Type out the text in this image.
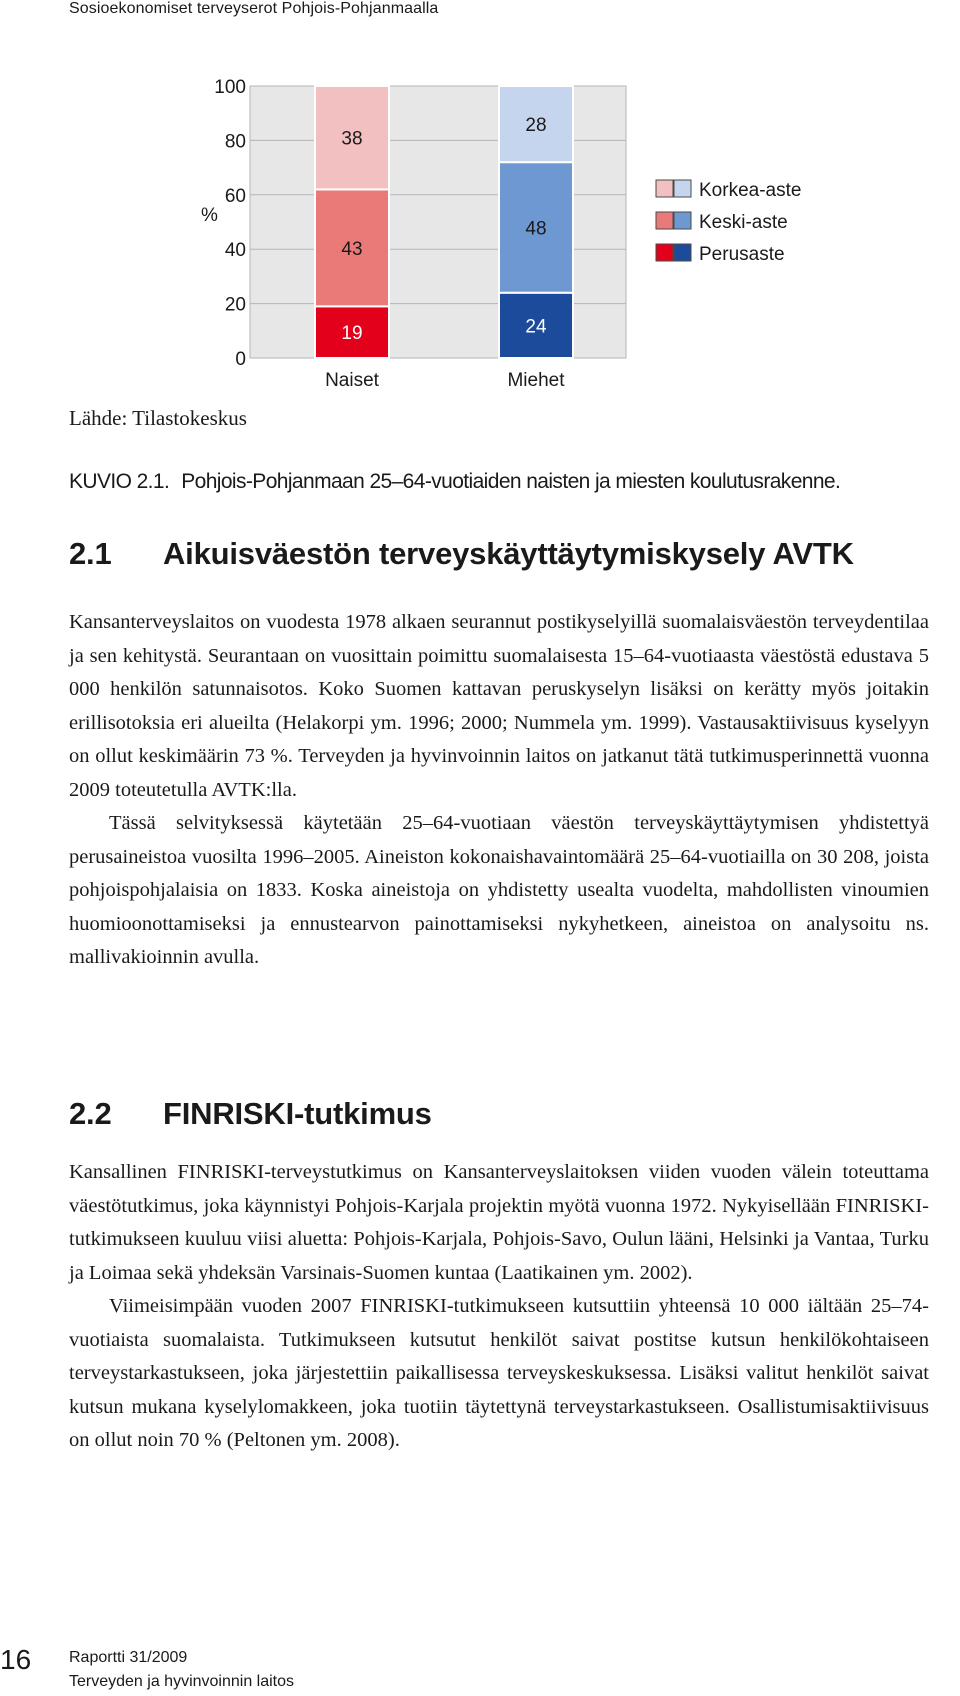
Sosioekonomiset terveyserot Pohjois-Pohjanmaalla
0
20
40
60
80
100
%
19
43
38
24
48
28
Naiset	Miehet
Korkea-aste
Keski-aste
Perusaste
Lähde: Tilastokeskus
KUVIO 2.1. Pohjois-Pohjanmaan 25–64-vuotiaiden naisten ja miesten koulutusrakenne.
2.1 Aikuisväestön terveyskäyttäytymiskysely AVTK

Kansanterveyslaitos on vuodesta 1978 alkaen seurannut postikyselyillä suomalaisväestön terveydentilaa ja sen kehitystä. Seurantaan on vuosittain poimittu suomalaisesta 15–64-vuotiaasta väestöstä edustava 5 000 henkilön satunnaisotos. Koko Suomen kattavan peruskyselyn lisäksi on kerätty myös joitakin erillisotoksia eri alueilta (Helakorpi ym. 1996; 2000; Nummela ym. 1999). Vastausaktiivisuus kyselyyn on ollut keskimäärin 73 %. Terveyden ja hyvinvoinnin laitos on jatkanut tätä tutkimusperinnettä vuonna 2009 toteutetulla AVTK:lla.

Tässä selvityksessä käytetään 25–64-vuotiaan väestön terveyskäyttäytymisen yhdistettyä perusaineistoa vuosilta 1996–2005. Aineiston kokonaishavaintomäärä 25–64-vuotiailla on 30 208, joista pohjoispohjalaisia on 1833. Koska aineistoja on yhdistetty usealta vuodelta, mahdollisten vinoumien huomioonottamiseksi ja ennustearvon painottamiseksi nykyhetkeen, aineistoa on analysoitu ns. mallivakioinnin avulla.

2.2 FINRISKI-tutkimus

Kansallinen FINRISKI-terveystutkimus on Kansanterveyslaitoksen viiden vuoden välein toteuttama väestötutkimus, joka käynnistyi Pohjois-Karjala projektin myötä vuonna 1972. Nykyisellään FINRISKI-tutkimukseen kuuluu viisi aluetta: Pohjois-Karjala, Pohjois-Savo, Oulun lääni, Helsinki ja Vantaa, Turku ja Loimaa sekä yhdeksän Varsinais-Suomen kuntaa (Laatikainen ym. 2002).

Viimeisimpään vuoden 2007 FINRISKI-tutkimukseen kutsuttiin yhteensä 10 000 iältään 25–74-vuotiaista suomalaista. Tutkimukseen kutsutut henkilöt saivat postitse kutsun henkilökohtaiseen terveystarkastukseen, joka järjestettiin paikallisessa terveyskeskuksessa. Lisäksi valitut henkilöt saivat kutsun mukana kyselylomakkeen, joka tuotiin täytettynä terveystarkastukseen. Osallistumisaktiivisuus on ollut noin 70 % (Peltonen ym. 2008).

16 Raportti 31/2009
Terveyden ja hyvinvoinnin laitos
